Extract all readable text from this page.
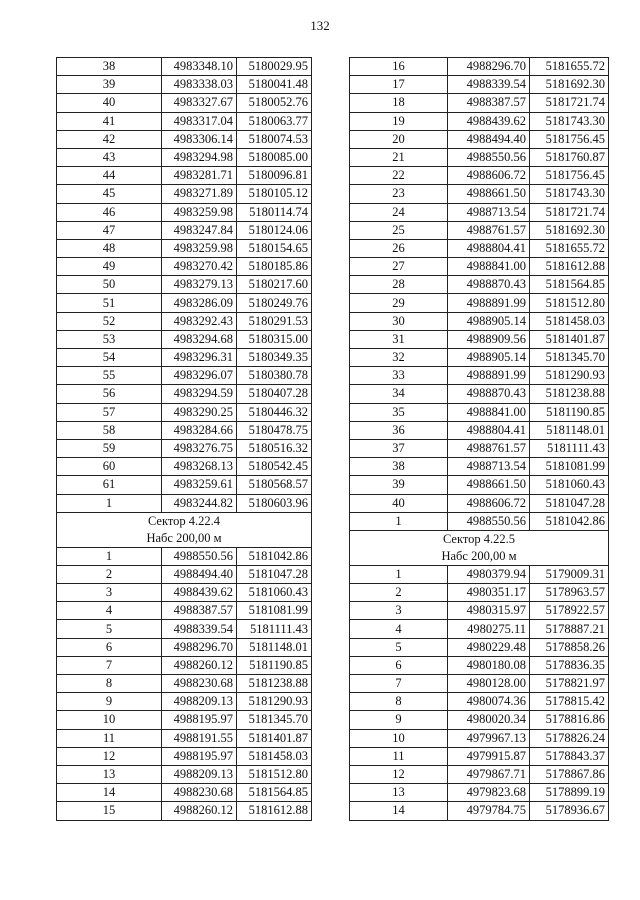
132
38	4983348.10	5180029.95
39	4983338.03	5180041.48
40	4983327.67	5180052.76
41	4983317.04	5180063.77
42	4983306.14	5180074.53
43	4983294.98	5180085.00
44	4983281.71	5180096.81
45	4983271.89	5180105.12
46	4983259.98	5180114.74
47	4983247.84	5180124.06
48	4983259.98	5180154.65
49	4983270.42	5180185.86
50	4983279.13	5180217.60
51	4983286.09	5180249.76
52	4983292.43	5180291.53
53	4983294.68	5180315.00
54	4983296.31	5180349.35
55	4983296.07	5180380.78
56	4983294.59	5180407.28
57	4983290.25	5180446.32
58	4983284.66	5180478.75
59	4983276.75	5180516.32
60	4983268.13	5180542.45
61	4983259.61	5180568.57
1	4983244.82	5180603.96

Сектор 4.22.4
Набс 200,00 м		

1	4988550.56	5181042.86
2	4988494.40	5181047.28
3	4988439.62	5181060.43
4	4988387.57	5181081.99
5	4988339.54	5181111.43
6	4988296.70	5181148.01
7	4988260.12	5181190.85
8	4988230.68	5181238.88
9	4988209.13	5181290.93
10	4988195.97	5181345.70
11	4988191.55	5181401.87
12	4988195.97	5181458.03
13	4988209.13	5181512.80
14	4988230.68	5181564.85
15	4988260.12	5181612.88
16	4988296.70	5181655.72
17	4988339.54	5181692.30
18	4988387.57	5181721.74
19	4988439.62	5181743.30
20	4988494.40	5181756.45
21	4988550.56	5181760.87
22	4988606.72	5181756.45
23	4988661.50	5181743.30
24	4988713.54	5181721.74
25	4988761.57	5181692.30
26	4988804.41	5181655.72
27	4988841.00	5181612.88
28	4988870.43	5181564.85
29	4988891.99	5181512.80
30	4988905.14	5181458.03
31	4988909.56	5181401.87
32	4988905.14	5181345.70
33	4988891.99	5181290.93
34	4988870.43	5181238.88
35	4988841.00	5181190.85
36	4988804.41	5181148.01
37	4988761.57	5181111.43
38	4988713.54	5181081.99
39	4988661.50	5181060.43
40	4988606.72	5181047.28
1	4988550.56	5181042.86

Сектор 4.22.5
Набс 200,00 м		

1	4980379.94	5179009.31
2	4980351.17	5178963.57
3	4980315.97	5178922.57
4	4980275.11	5178887.21
5	4980229.48	5178858.26
6	4980180.08	5178836.35
7	4980128.00	5178821.97
8	4980074.36	5178815.42
9	4980020.34	5178816.86
10	4979967.13	5178826.24
11	4979915.87	5178843.37
12	4979867.71	5178867.86
13	4979823.68	5178899.19
14	4979784.75	5178936.67
